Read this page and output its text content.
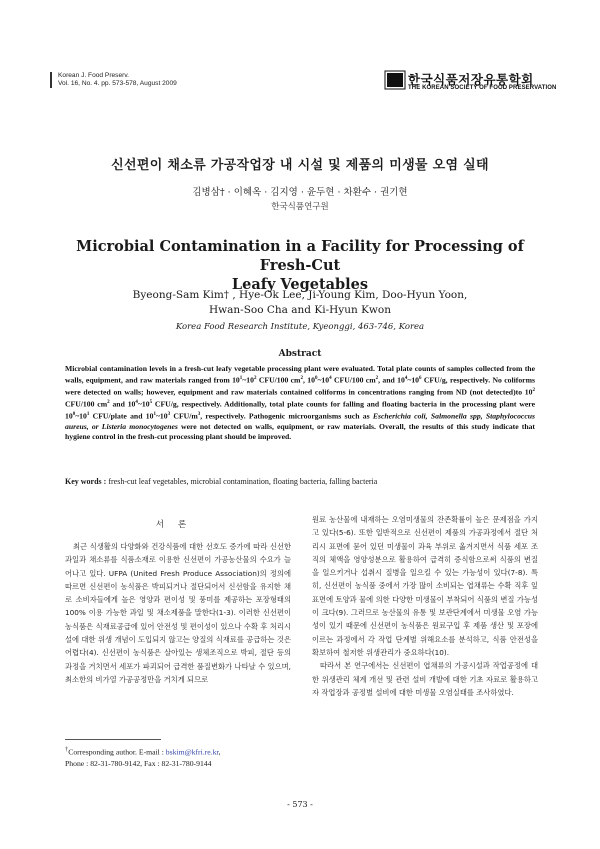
Korean J. Food Preserv.
Vol. 16, No. 4. pp. 573-578, August 2009	한국식품저장유통학회
THE KOREAN SOCIETY OF FOOD PRESERVATION
신선편이 채소류 가공작업장 내 시설 및 제품의 미생물 오염 실태
김병삼† · 이혜옥 · 김지영 · 윤두현 · 차환수 · 권기현
한국식품연구원
Microbial Contamination in a Facility for Processing of Fresh-Cut
Leafy Vegetables
Byeong-Sam Kim† , Hye-Ok Lee, Ji-Young Kim, Doo-Hyun Yoon,
Hwan-Soo Cha and Ki-Hyun Kwon
Korea Food Research Institute, Kyeonggi, 463-746, Korea
Abstract

Microbial contamination levels in a fresh-cut leafy vegetable processing plant were evaluated. Total plate counts of samples collected from the walls, equipment, and raw materials ranged from $10^1\sim 10^2$ CFU/100 $cm^2$, $10^0\sim 10^4$ CFU/100 $cm^2$, and $10^4\sim 10^6$ CFU/g, respectively. No coliforms were detected on walls; however, equipment and raw materials contained coliforms in concentrations ranging from ND (not detected)to $10^2$ CFU/100 $cm^2$ and $10^4\sim 10^5$ CFU/g, respectively. Additionally, total plate counts for falling and floating bacteria in the processing plant were $10^0\sim 10^1$ CFU/plate and $10^1\sim 10^3$ CFU/$m^3$, respectively. Pathogenic microorganisms such as Escherichia coli, Salmonella spp, Staphylococcus aureus, or Listeria monocytogenes were not detected on walls, equipment, or raw materials. Overall, the results of this study indicate that hygiene control in the fresh-cut processing plant should be improved.

Key words : fresh-cut leaf vegetables, microbial contamination, floating bacteria, falling bacteria
서론

최근 식생활의 다양화와 건강식품에 대한 선호도 증가에 따라 신선한 과일과 채소류를 식품소재로 이용한 신선편이 가공농산물의 수요가 늘어나고 있다. UFPA (United Fresh Produce Association)의 정의에 따르면 신선편이 농식품은 박피되거나 절단되어서 신선함을 유지한 채로 소비자들에게 높은 영양과 편이성 및 풍미를 제공하는 포장형태의 100% 이용 가능한 과일 및 채소제품을 말한다(1-3). 이러한 신선편이 농식품은 식재료공급에 있어 안전성 및 편이성이 있으나 수확 후 처리시설에 대한 위생 개념이 도입되지 않고는 양질의 식재료를 공급하는 것은 어렵다(4). 신선편이 농식품은 살아있는 생체조직으로 박피, 절단 등의 과정을 거치면서 세포가 파괴되어 급격한 품질변화가 나타날 수 있으며, 최소한의 비가열 가공공정만을 거치게 되므로

원료 농산물에 내재하는 오염미생물의 잔존확률이 높은 문제점을 가지고 있다(5-6). 또한 일반적으로 신선편이 제품의 가공과정에서 절단 처리시 표면에 묻어 있던 미생물이 과육 부위로 옮겨지면서 식품 세포 조직의 체액을 영양성분으로 활용하여 급격히 증식함으로써 식품의 변질을 일으키거나 섭취시 질병을 일으킬 수 있는 가능성이 있다(7-8). 특히, 신선편이 농식품 중에서 가장 많이 소비되는 엽채류는 수확 직후 잎 표면에 토양과 물에 의한 다양한 미생물이 부착되어 식품의 변질 가능성이 크다(9). 그러므로 농산물의 유통 및 보관단계에서 미생물 오염 가능성이 있기 때문에 신선편이 농식품은 원료구입 후 제품 생산 및 포장에 이르는 과정에서 각 작업 단계별 위해요소를 분석하고, 식품 안전성을 확보하여 철저한 위생관리가 중요하다(10).

따라서 본 연구에서는 신선편이 엽채류의 가공시설과 작업공정에 대한 위생관리 체계 개선 및 관련 설비 개발에 대한 기초 자료로 활용하고자 작업장과 공정별 설비에 대한 미생물 오염실태를 조사하였다.

†Corresponding author. E-mail : bskim@kfri.re.kr,
Phone : 82-31-780-9142, Fax : 82-31-780-9144
- 573 -
